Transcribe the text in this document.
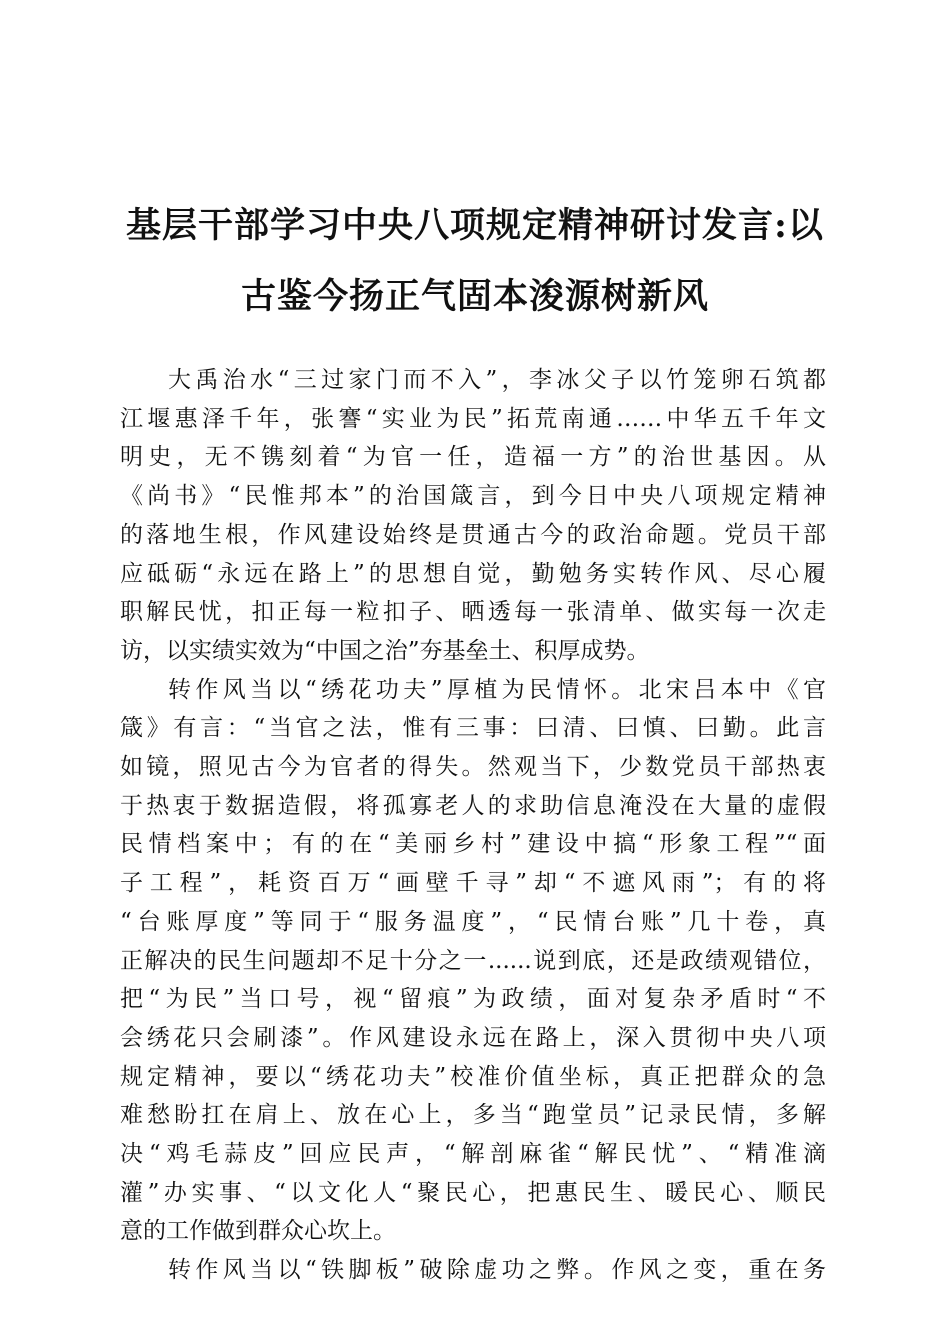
基层干部学习中央八项规定精神研讨发言:以
古鉴今扬正气固本浚源树新风
大禹治水“三过家门而不入”，李冰父子以竹笼卵石筑都
江堰惠泽千年，张謇“实业为民”拓荒南通……中华五千年文
明史，无不镌刻着“为官一任，造福一方”的治世基因。从
《尚书》“民惟邦本”的治国箴言，到今日中央八项规定精神
的落地生根，作风建设始终是贯通古今的政治命题。党员干部
应砥砺“永远在路上”的思想自觉，勤勉务实转作风、尽心履
职解民忧，扣正每一粒扣子、晒透每一张清单、做实每一次走
访，以实绩实效为“中国之治”夯基垒土、积厚成势。
转作风当以“绣花功夫”厚植为民情怀。北宋吕本中《官
箴》有言：“当官之法，惟有三事：曰清、曰慎、曰勤。此言
如镜，照见古今为官者的得失。然观当下，少数党员干部热衷
于热衷于数据造假，将孤寡老人的求助信息淹没在大量的虚假
民情档案中；有的在“美丽乡村”建设中搞“形象工程”“面
子工程”，耗资百万“画壁千寻”却“不遮风雨”；有的将
“台账厚度”等同于“服务温度”，“民情台账”几十卷，真
正解决的民生问题却不足十分之一......说到底，还是政绩观错位，
把“为民”当口号，视“留痕”为政绩，面对复杂矛盾时“不
会绣花只会刷漆”。作风建设永远在路上，深入贯彻中央八项
规定精神，要以“绣花功夫”校准价值坐标，真正把群众的急
难愁盼扛在肩上、放在心上，多当“跑堂员”记录民情，多解
决“鸡毛蒜皮”回应民声，“解剖麻雀“解民忧”、“精准滴
灌”办实事、“以文化人“聚民心，把惠民生、暖民心、顺民
意的工作做到群众心坎上。
转作风当以“铁脚板”破除虚功之弊。作风之变，重在务
